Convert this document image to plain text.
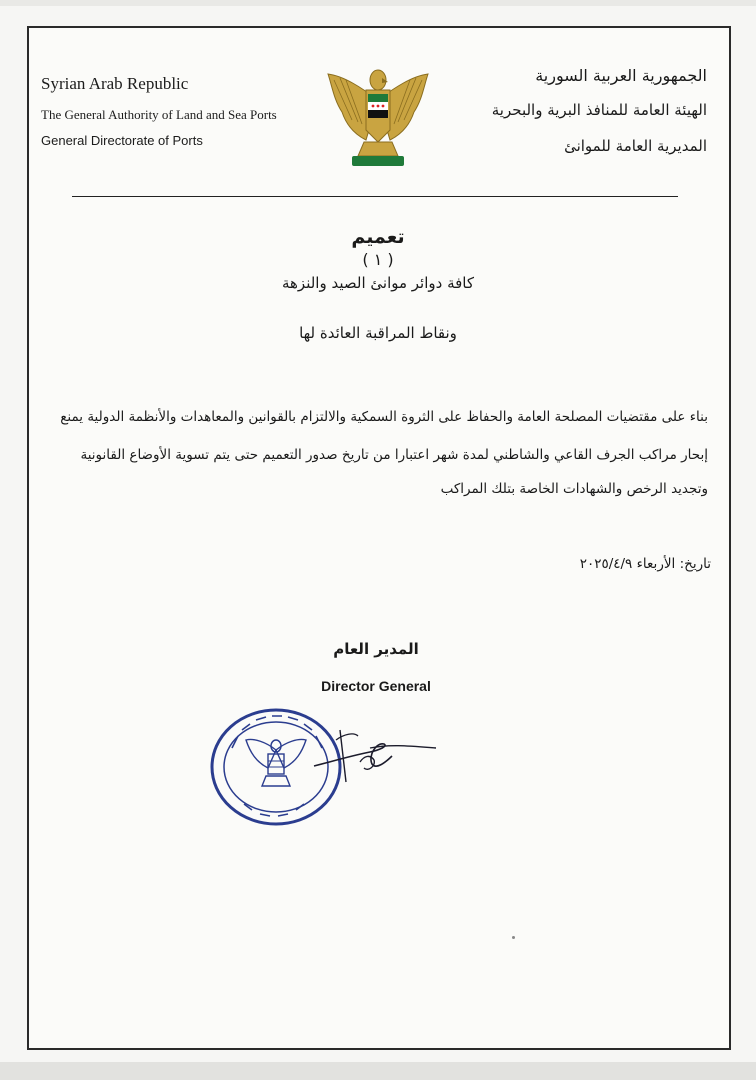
Syrian Arab Republic
The General Authority of Land and Sea Ports
General Directorate of Ports
الجمهورية العربية السورية
الهيئة العامة للمنافذ البرية والبحرية
المديرية العامة للموانئ
تعميم
( ١ )
كافة دوائر موانئ الصيد والنزهة
ونقاط المراقبة العائدة لها
بناء على مقتضيات المصلحة العامة والحفاظ على الثروة السمكية والالتزام بالقوانين والمعاهدات والأنظمة الدولية يمنع
إبحار مراكب الجرف القاعي والشاطني لمدة شهر اعتبارا من تاريخ صدور التعميم حتى يتم تسوية الأوضاع القانونية
وتجديد الرخص والشهادات الخاصة بتلك المراكب
تاريخ: الأربعاء ٢٠٢٥/٤/٩
المدير العام
Director General
